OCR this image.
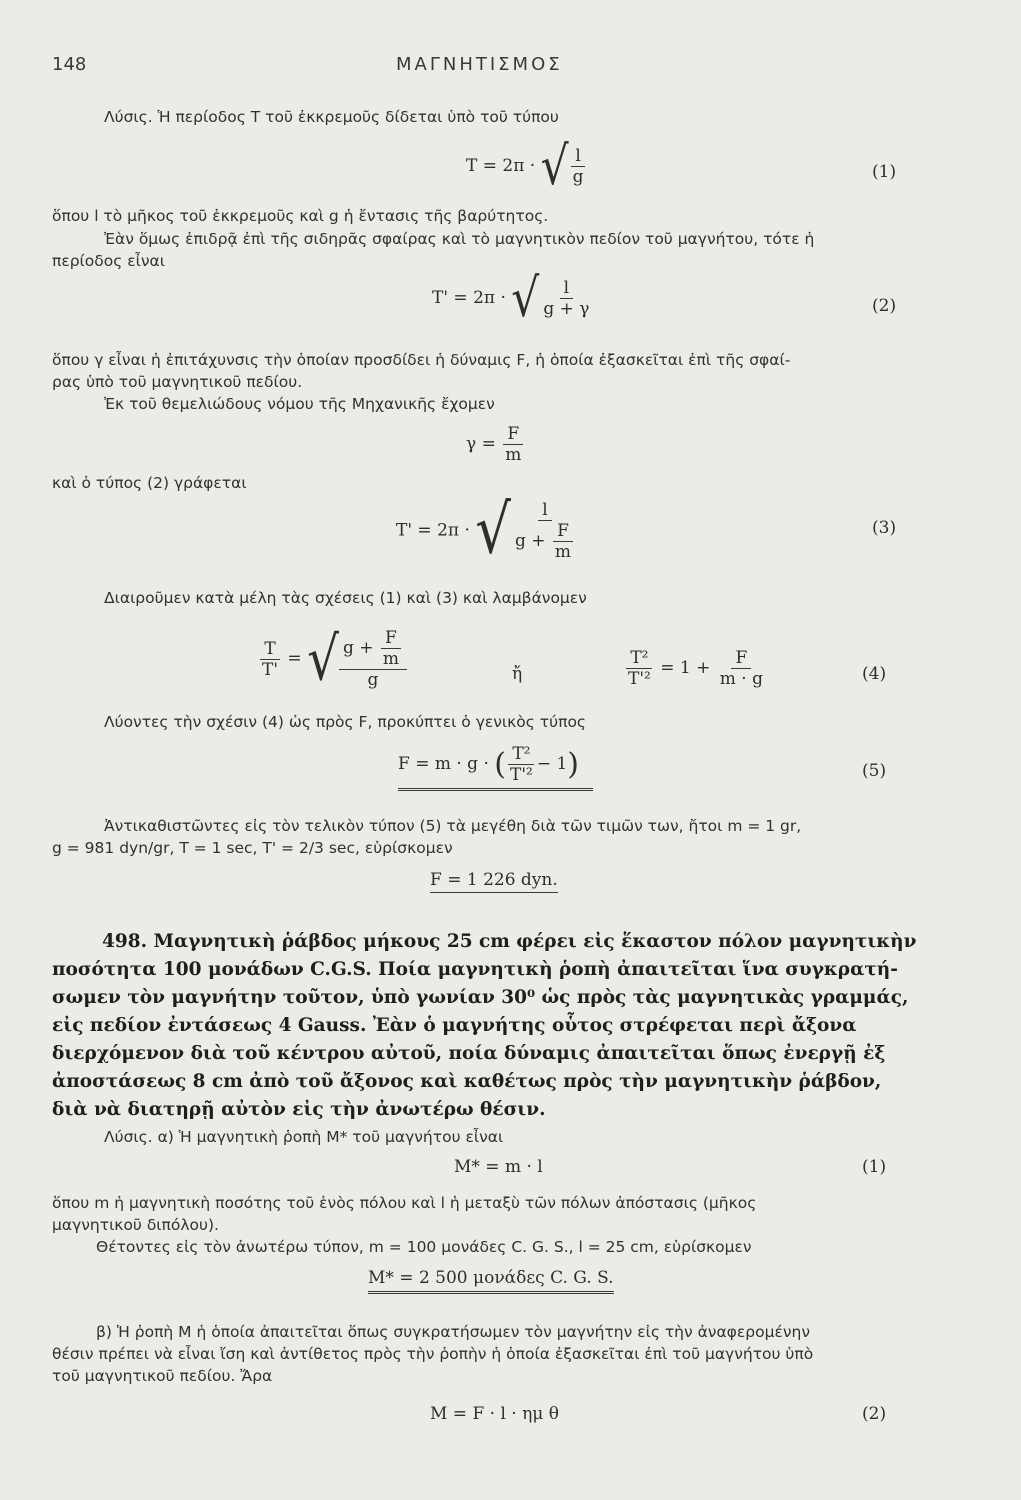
148	ΜΑΓΝΗΤΙΣΜΟΣ
Λύσις. Ἡ περίοδος Τ τοῦ ἐκκρεμοῦς δίδεται ὑπὸ τοῦ τύπου
T = 2π · √ $\frac{l}{g}$	(1)
ὅπου l τὸ μῆκος τοῦ ἐκκρεμοῦς καὶ g ἡ ἔντασις τῆς βαρύτητος.
Ἐὰν ὅμως ἐπιδρᾷ ἐπὶ τῆς σιδηρᾶς σφαίρας καὶ τὸ μαγνητικὸν πεδίον τοῦ μαγνήτου, τότε ἡ
περίοδος εἶναι
T' = 2π · √ $\frac{l}{g + \gamma}$	(2)
ὅπου γ εἶναι ἡ ἐπιτάχυνσις τὴν ὁποίαν προσδίδει ἡ δύναμις F, ἡ ὁποία ἐξασκεῖται ἐπὶ τῆς σφαί-
ρας ὑπὸ τοῦ μαγνητικοῦ πεδίου.
Ἐκ τοῦ θεμελιώδους νόμου τῆς Μηχανικῆς ἔχομεν
$\gamma = \frac{F}{m}$
καὶ ὁ τύπος (2) γράφεται
T' = 2π · √ $\frac{l}{g + \frac{F}{m}}$	(3)
Διαιροῦμεν κατὰ μέλη τὰς σχέσεις (1) καὶ (3) καὶ λαμβάνομεν
$\frac{T}{T'}$ = √ $\frac{g + \frac{F}{m}}{g}$	ἤ	$\frac{\text{T²}}{\text{T'²}} = 1 + \frac{F}{m \cdot g}$	(4)
Λύοντες τὴν σχέσιν (4) ὡς πρὸς F, προκύπτει ὁ γενικὸς τύπος
F = m · g · ( $\frac{\text{T²}}{\text{T'²}} - 1$)	(5)
Ἀντικαθιστῶντες εἰς τὸν τελικὸν τύπον (5) τὰ μεγέθη διὰ τῶν τιμῶν των, ἤτοι m = 1 gr,
g = 981 dyn/gr, T = 1 sec, T' = 2/3 sec, εὑρίσκομεν
F = 1 226 dyn.
498. Μαγνητικὴ ῥάβδος μήκους 25 cm φέρει εἰς ἕκαστον πόλον μαγνητικὴν
ποσότητα 100 μονάδων C.G.S. Ποία μαγνητικὴ ῥοπὴ ἀπαιτεῖται ἵνα συγκρατή-
σωμεν τὸν μαγνήτην τοῦτον, ὑπὸ γωνίαν 30⁰ ὡς πρὸς τὰς μαγνητικὰς γραμμάς,
εἰς πεδίον ἐντάσεως 4 Gauss. Ἐὰν ὁ μαγνήτης οὗτος στρέφεται περὶ ἄξονα
διερχόμενον διὰ τοῦ κέντρου αὐτοῦ, ποία δύναμις ἀπαιτεῖται ὅπως ἐνεργῇ ἐξ
ἀποστάσεως 8 cm ἀπὸ τοῦ ἄξονος καὶ καθέτως πρὸς τὴν μαγνητικὴν ῥάβδον,
διὰ νὰ διατηρῇ αὐτὸν εἰς τὴν ἀνωτέρω θέσιν.
Λύσις. α) Ἡ μαγνητικὴ ῥοπὴ Μ* τοῦ μαγνήτου εἶναι
M* = m · l	(1)
ὅπου m ἡ μαγνητικὴ ποσότης τοῦ ἑνὸς πόλου καὶ l ἡ μεταξὺ τῶν πόλων ἀπόστασις (μῆκος
μαγνητικοῦ διπόλου).
Θέτοντες εἰς τὸν ἀνωτέρω τύπον, m = 100 μονάδες C. G. S., l = 25 cm, εὑρίσκομεν
M* = 2 500 μονάδες C. G. S.
β) Ἡ ῥοπὴ Μ ἡ ὁποία ἀπαιτεῖται ὅπως συγκρατήσωμεν τὸν μαγνήτην εἰς τὴν ἀναφερομένην
θέσιν πρέπει νὰ εἶναι ἴση καὶ ἀντίθετος πρὸς τὴν ῥοπὴν ἡ ὁποία ἐξασκεῖται ἐπὶ τοῦ μαγνήτου ὑπὸ
τοῦ μαγνητικοῦ πεδίου. Ἄρα
M = F · l · ημ θ	(2)
